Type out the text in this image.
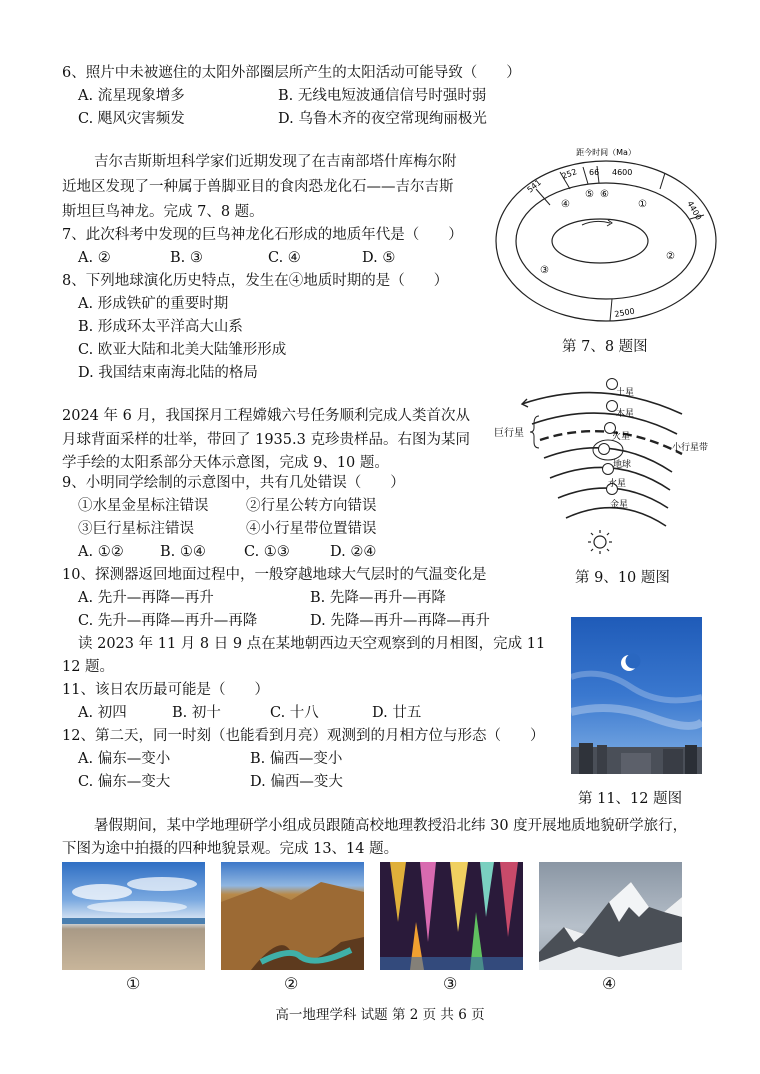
6、照片中未被遮住的太阳外部圈层所产生的太阳活动可能导致（　　）
A. 流星现象增多	B. 无线电短波通信信号时强时弱
C. 飓风灾害频发	D. 乌鲁木齐的夜空常现绚丽极光
吉尔吉斯斯坦科学家们近期发现了在吉南部塔什库梅尔附
近地区发现了一种属于兽脚亚目的食肉恐龙化石——吉尔吉斯
斯坦巨鸟神龙。完成 7、8 题。
7、此次科考中发现的巨鸟神龙化石形成的地质年代是（　　）
A. ②	B. ③	C. ④	D. ⑤
8、下列地球演化历史特点，发生在④地质时期的是（　　）
A. 形成铁矿的重要时期
B. 形成环太平洋高大山系
C. 欧亚大陆和北美大陆雏形形成
D. 我国结束南海北陆的格局
距今时间（Ma）
541
252 66 4600
4400
2500
①
②
③
④
⑤ ⑥
第 7、8 题图
2024 年 6 月，我国探月工程嫦娥六号任务顺利完成人类首次从
月球背面采样的壮举，带回了 1935.3 克珍贵样品。右图为某同
学手绘的太阳系部分天体示意图，完成 9、10 题。
9、小明同学绘制的示意图中，共有几处错误（　　）
①水星金星标注错误	②行星公转方向错误
③巨行星标注错误	④小行星带位置错误
A. ①②	B. ①④	C. ①③	D. ②④
10、探测器返回地面过程中，一般穿越地球大气层时的气温变化是
A. 先升—再降—再升	B. 先降—再升—再降
C. 先升—再降—再升—再降	D. 先降—再升—再降—再升
土星
木星
火星
地球
水星
金星
巨行星
小行星带
第 9、10 题图
读 2023 年 11 月 8 日 9 点在某地朝西边天空观察到的月相图，完成 11
12 题。
11、该日农历最可能是（　　）
A. 初四	B. 初十	C. 十八	D. 廿五
12、第二天，同一时刻（也能看到月亮）观测到的月相方位与形态（　　）
A. 偏东—变小	B. 偏西—变小
C. 偏东—变大	D. 偏西—变大
第 11、12 题图
暑假期间，某中学地理研学小组成员跟随高校地理教授沿北纬 30 度开展地质地貌研学旅行，
下图为途中拍摄的四种地貌景观。完成 13、14 题。
①	②	③	④
高一地理学科 试题 第 2 页 共 6 页
